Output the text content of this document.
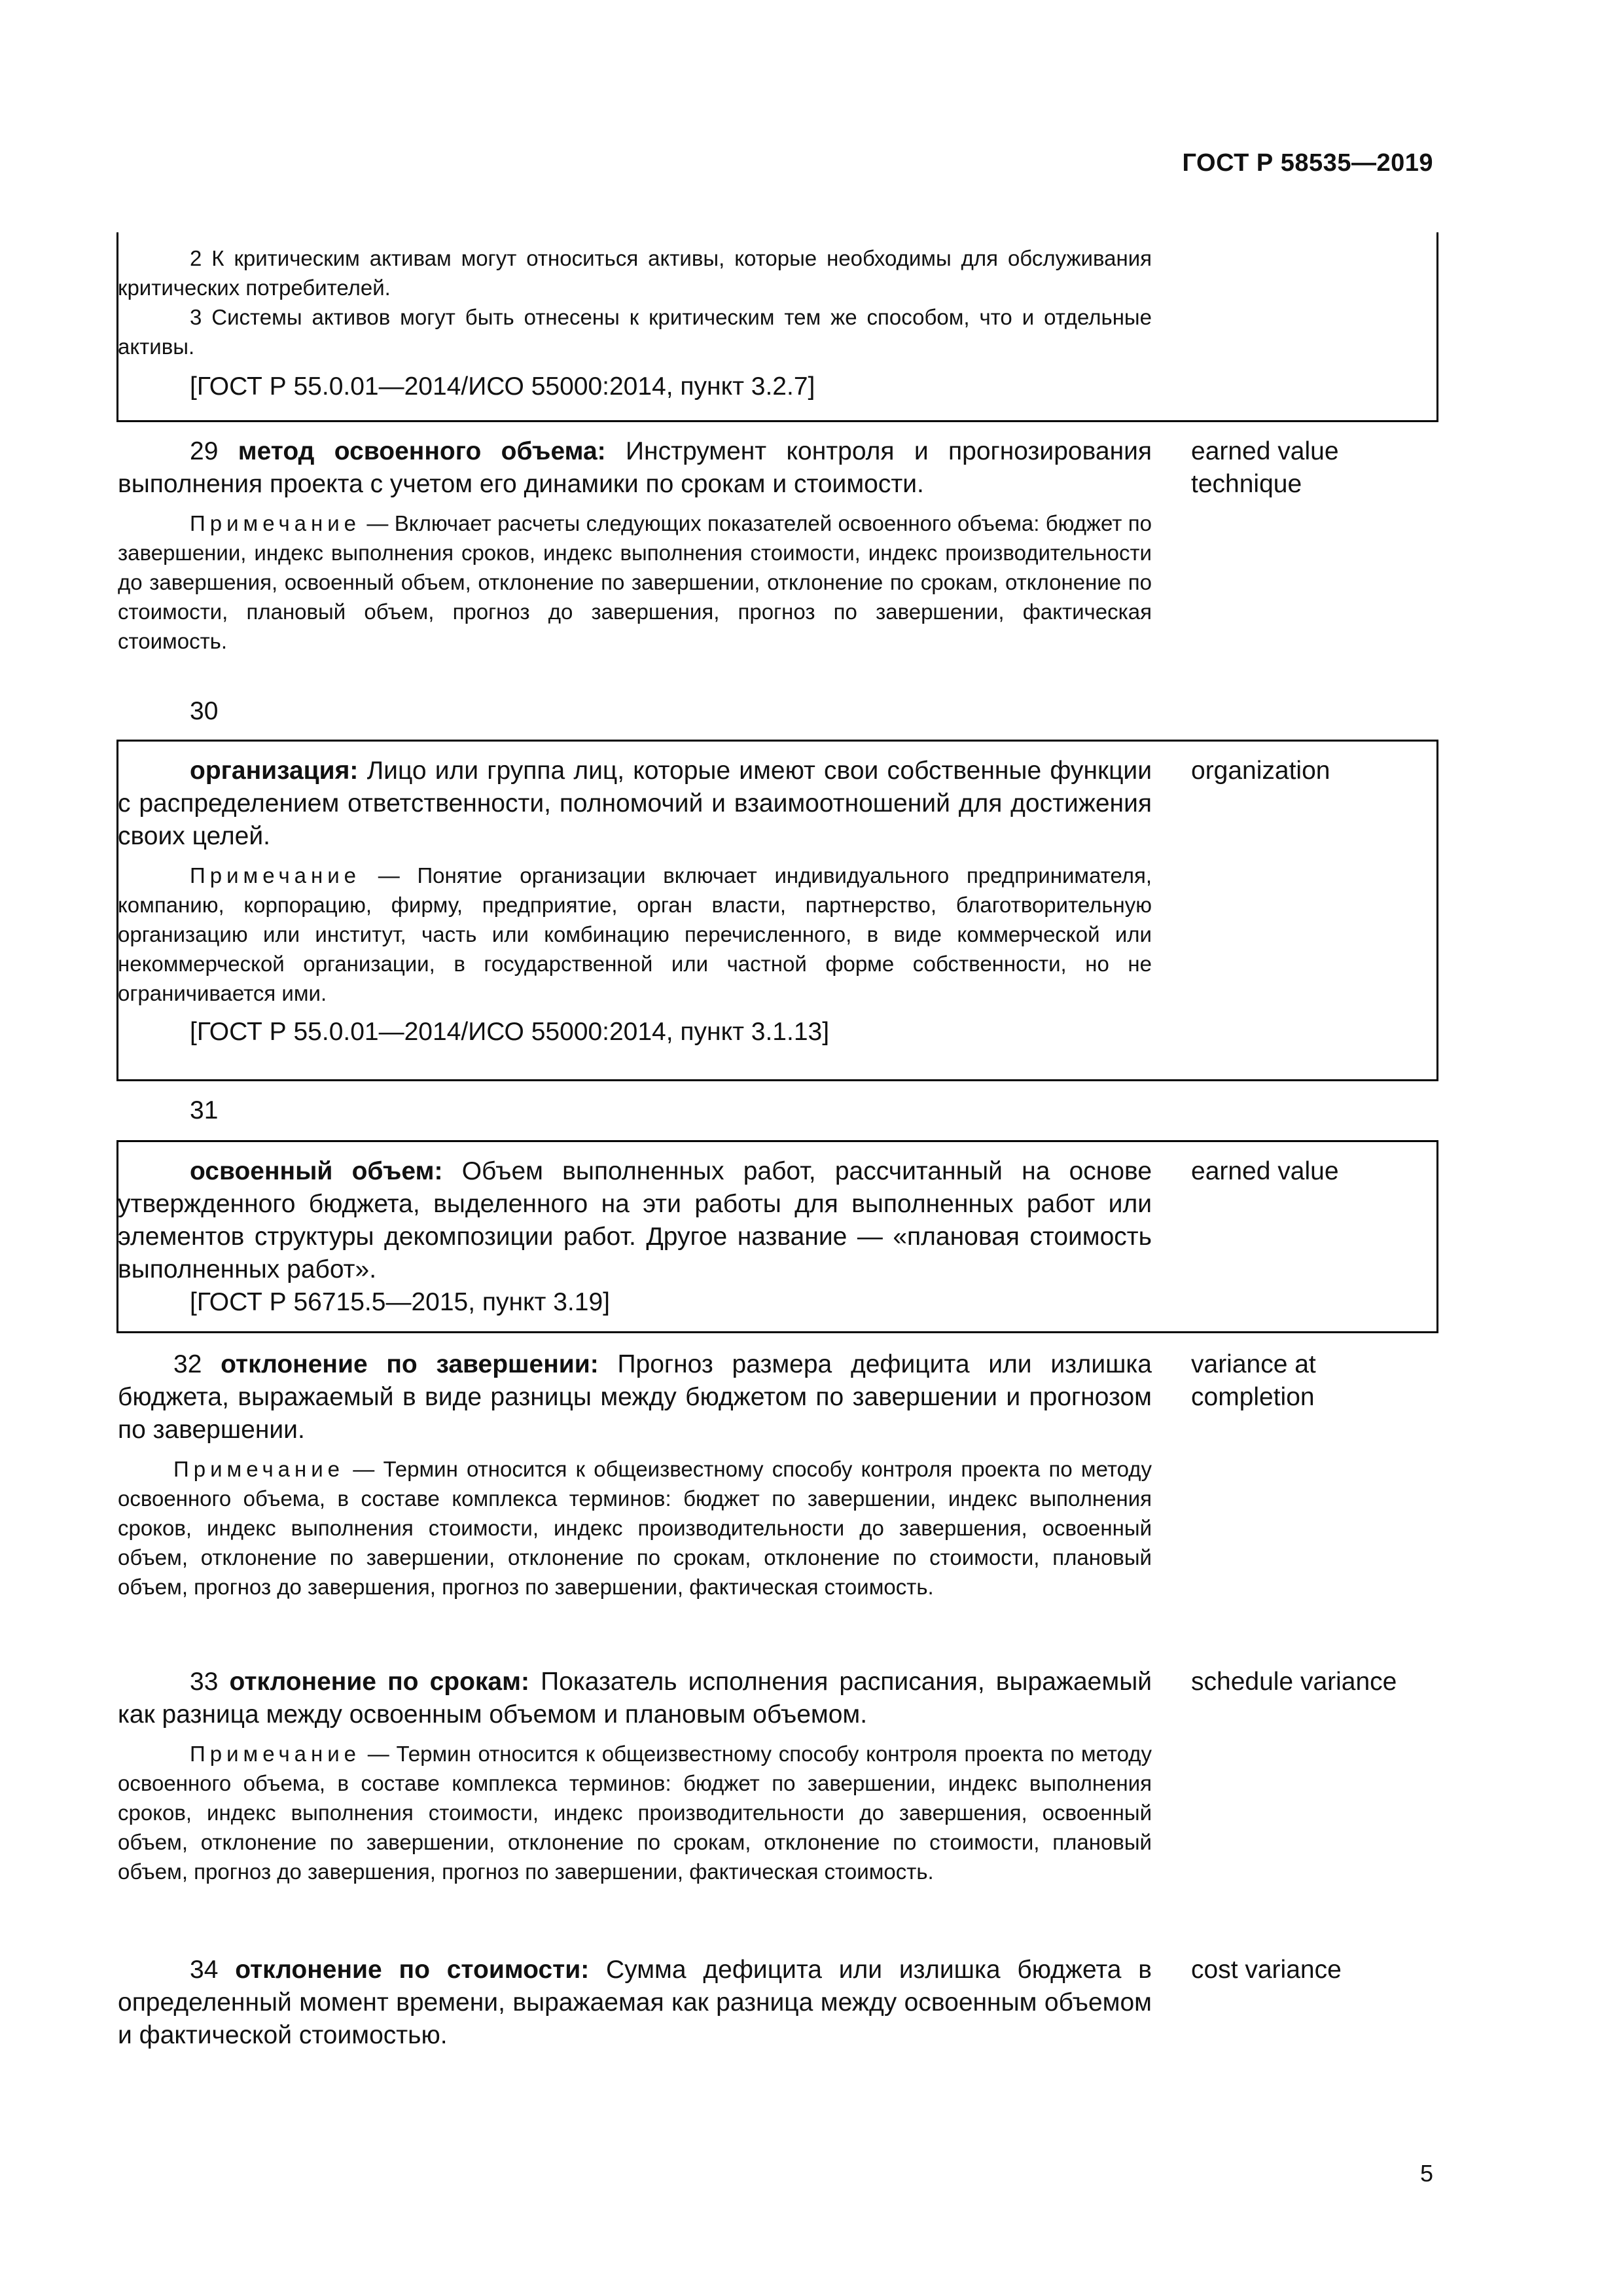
ГОСТ Р 58535—2019

2 К критическим активам могут относиться активы, которые необходимы для обслуживания критических потребителей.

3 Системы активов могут быть отнесены к критическим тем же способом, что и отдельные активы.

[ГОСТ Р 55.0.01—2014/ИСО 55000:2014, пункт 3.2.7]

29 метод освоенного объема: Инструмент контроля и прогнозирования выполнения проекта с учетом его динамики по срокам и стоимости.

Примечание — Включает расчеты следующих показателей освоенного объема: бюджет по завершении, индекс выполнения сроков, индекс выполнения стоимости, индекс производительности до завершения, освоенный объем, отклонение по завершении, отклонение по срокам, отклонение по стоимости, плановый объем, прогноз до завершения, прогноз по завершении, фактическая стоимость.

earned value technique
30

организация: Лицо или группа лиц, которые имеют свои собственные функции с распределением ответственности, полномочий и взаимоотношений для достижения своих целей.

Примечание — Понятие организации включает индивидуального предпринимателя, компанию, корпорацию, фирму, предприятие, орган власти, партнерство, благотворительную организацию или институт, часть или комбинацию перечисленного, в виде коммерческой или некоммерческой организации, в государственной или частной форме собственности, но не ограничивается ими.

[ГОСТ Р 55.0.01—2014/ИСО 55000:2014, пункт 3.1.13]

organization
31

освоенный объем: Объем выполненных работ, рассчитанный на основе утвержденного бюджета, выделенного на эти работы для выполненных работ или элементов структуры декомпозиции работ. Другое название — «плановая стоимость выполненных работ».

[ГОСТ Р 56715.5—2015, пункт 3.19]

earned value

32 отклонение по завершении: Прогноз размера дефицита или излишка бюджета, выражаемый в виде разницы между бюджетом по завершении и прогнозом по завершении.

Примечание — Термин относится к общеизвестному способу контроля проекта по методу освоенного объема, в составе комплекса терминов: бюджет по завершении, индекс выполнения сроков, индекс выполнения стоимости, индекс производительности до завершения, освоенный объем, отклонение по завершении, отклонение по срокам, отклонение по стоимости, плановый объем, прогноз до завершения, прогноз по завершении, фактическая стоимость.

variance at completion

33 отклонение по срокам: Показатель исполнения расписания, выражаемый как разница между освоенным объемом и плановым объемом.

Примечание — Термин относится к общеизвестному способу контроля проекта по методу освоенного объема, в составе комплекса терминов: бюджет по завершении, индекс выполнения сроков, индекс выполнения стоимости, индекс производительности до завершения, освоенный объем, отклонение по завершении, отклонение по срокам, отклонение по стоимости, плановый объем, прогноз до завершения, прогноз по завершении, фактическая стоимость.

schedule variance

34 отклонение по стоимости: Сумма дефицита или излишка бюджета в определенный момент времени, выражаемая как разница между освоенным объемом и фактической стоимостью.

cost variance
5
